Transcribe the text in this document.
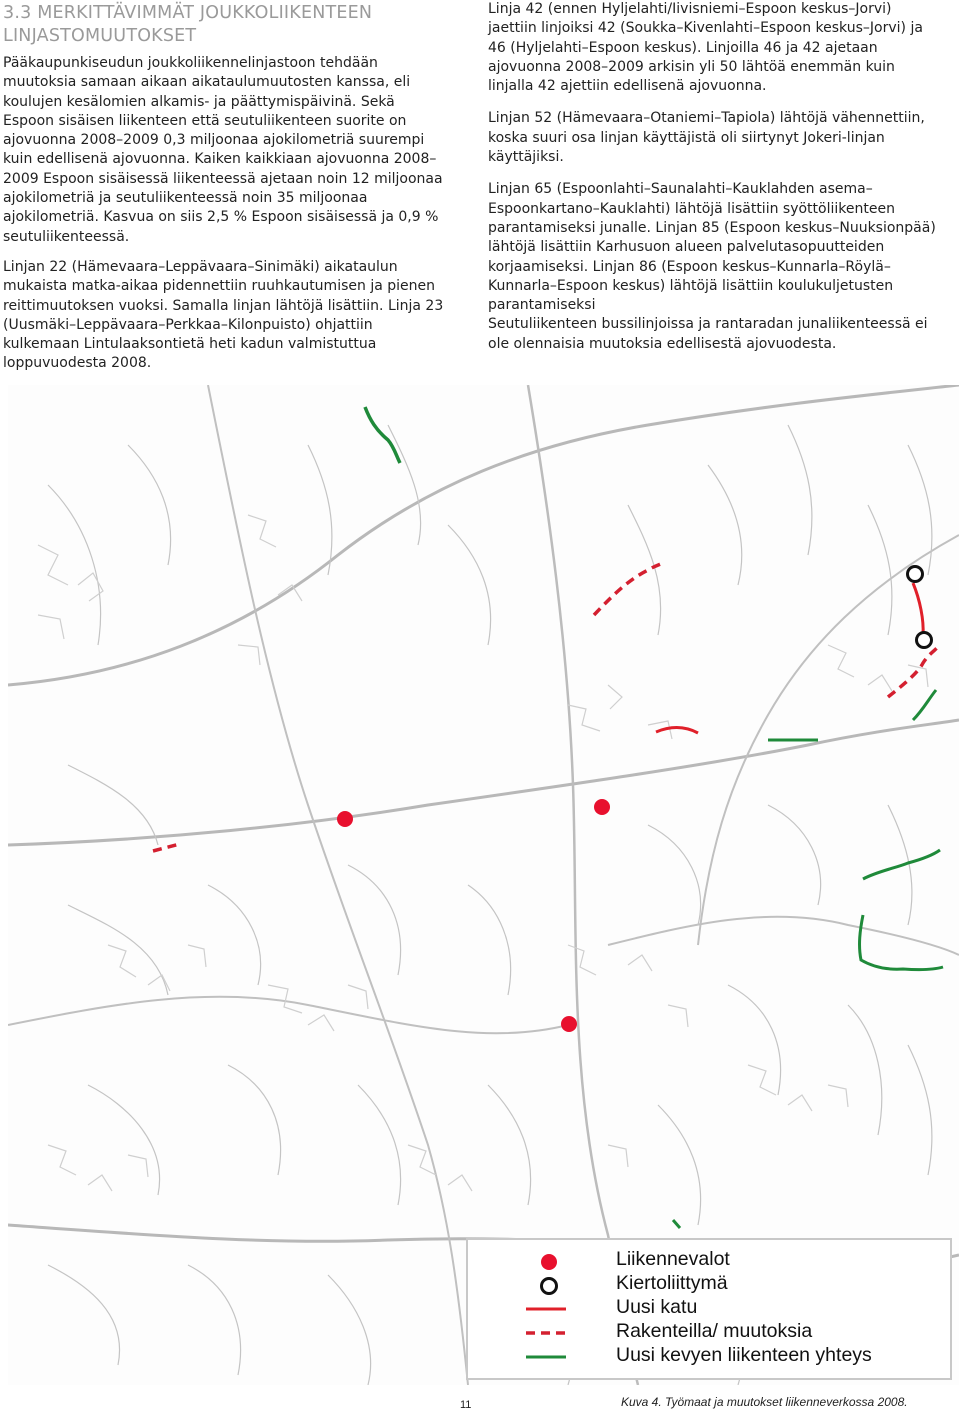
3.3 MERKITTÄVIMMÄT JOUKKOLIIKENTEEN
LINJASTOMUUTOKSET

Pääkaupunkiseudun joukkoliikennelinjastoon tehdään muutoksia samaan aikaan aikataulumuutosten kanssa, eli koulujen kesälomien alkamis- ja päättymispäivinä. Sekä Espoon sisäisen liikenteen että seutuliikenteen suorite on ajovuonna 2008–2009 0,3 miljoonaa ajokilometriä suurempi kuin edellisenä ajovuonna. Kaiken kaikkiaan ajovuonna 2008–2009 Espoon sisäisessä liikenteessä ajetaan noin 12 miljoonaa ajokilometriä ja seutuliikenteessä noin 35 miljoonaa ajokilometriä. Kasvua on siis 2,5 % Espoon sisäisessä ja 0,9 % seutuliikenteessä.

Linjan 22 (Hämevaara–Leppävaara–Sinimäki) aikataulun mukaista matka-aikaa pidennettiin ruuhkautumisen ja pienen reittimuutoksen vuoksi. Samalla linjan lähtöjä lisättiin. Linja 23 (Uusmäki–Leppävaara–Perkkaa–Kilonpuisto) ohjattiin kulkemaan Lintulaaksontietä heti kadun valmistuttua loppuvuodesta 2008.

Linja 42 (ennen Hyljelahti/Iivisniemi–Espoon keskus–Jorvi) jaettiin linjoiksi 42 (Soukka–Kivenlahti–Espoon keskus–Jorvi) ja 46 (Hyljelahti–Espoon keskus). Linjoilla 46 ja 42 ajetaan ajovuonna 2008–2009 arkisin yli 50 lähtöä enemmän kuin linjalla 42 ajettiin edellisenä ajovuonna.

Linjan 52 (Hämevaara–Otaniemi–Tapiola) lähtöjä vähennettiin, koska suuri osa linjan käyttäjistä oli siirtynyt Jokeri-linjan käyttäjiksi.

Linjan 65 (Espoonlahti–Saunalahti–Kauklahden asema–Espoonkartano–Kauklahti) lähtöjä lisättiin syöttöliikenteen parantamiseksi junalle. Linjan 85 (Espoon keskus–Nuuksionpää) lähtöjä lisättiin Karhusuon alueen palvelutasopuutteiden korjaamiseksi. Linjan 86 (Espoon keskus–Kunnarla–Röylä–Kunnarla–Espoon keskus) lähtöjä lisättiin koulukuljetusten parantamiseksi
Seutuliikenteen bussilinjoissa ja rantaradan junaliikenteessä ei ole olennaisia muutoksia edellisestä ajovuodesta.

Liikennevalot
Kiertoliittymä
Uusi katu
Rakenteilla/ muutoksia
Uusi kevyen liikenteen yhteys
11	Kuva 4. Työmaat ja muutokset liikenneverkossa 2008.
